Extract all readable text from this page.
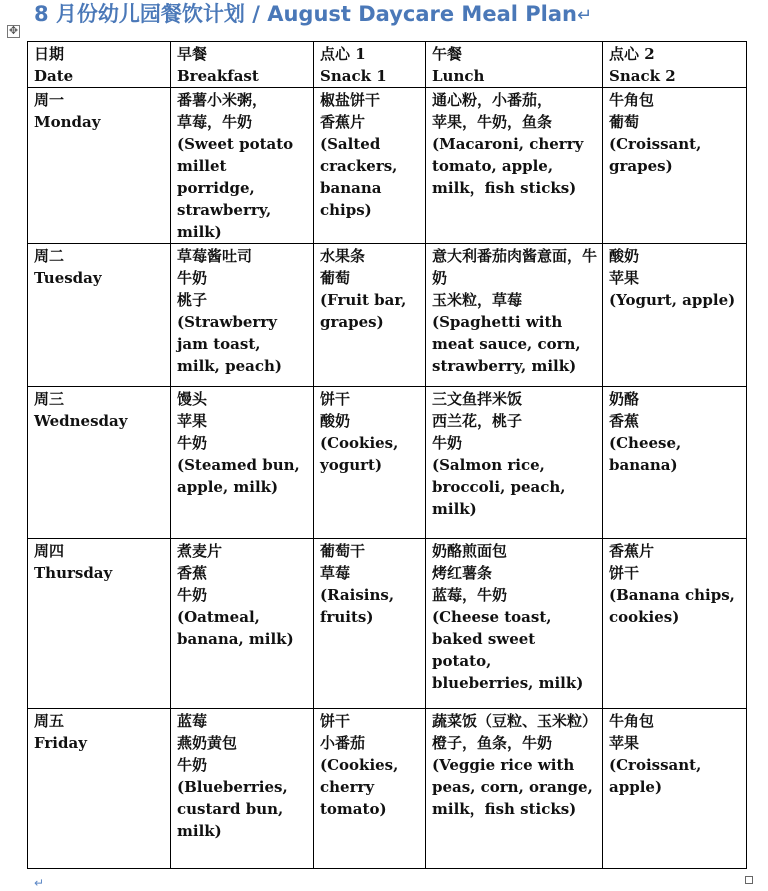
8 月份幼儿园餐饮计划 / August Daycare Meal Plan↵
✥
日期
Date	早餐
Breakfast	点心 1
Snack 1	午餐
Lunch	点心 2
Snack 2

周一
Monday	番薯小米粥，
草莓，牛奶
(Sweet potato millet porridge, strawberry, milk)	椒盐饼干
香蕉片
(Salted crackers, banana chips)	通心粉，小番茄，
苹果，牛奶，鱼条
(Macaroni, cherry tomato, apple, milk，fish sticks)	牛角包
葡萄
(Croissant, grapes)

周二
Tuesday	草莓酱吐司
牛奶
桃子
(Strawberry jam toast, milk, peach)	水果条
葡萄
(Fruit bar, grapes)	意大利番茄肉酱意面，牛奶
玉米粒，草莓
(Spaghetti with meat sauce, corn, strawberry, milk)	酸奶
苹果
(Yogurt, apple)

周三
Wednesday	馒头
苹果
牛奶
(Steamed bun, apple, milk)	饼干
酸奶
(Cookies, yogurt)	三文鱼拌米饭
西兰花，桃子
牛奶
(Salmon rice, broccoli, peach, milk)	奶酪
香蕉
(Cheese, banana)

周四
Thursday	煮麦片
香蕉
牛奶
(Oatmeal, banana, milk)	葡萄干
草莓
(Raisins, fruits)	奶酪煎面包
烤红薯条
蓝莓，牛奶
(Cheese toast, baked sweet potato, blueberries, milk)	香蕉片
饼干
(Banana chips, cookies)

周五
Friday	蓝莓
燕奶黄包
牛奶
(Blueberries, custard bun, milk)	饼干
小番茄
(Cookies, cherry tomato)	蔬菜饭（豆粒、玉米粒）橙子，鱼条，牛奶
(Veggie rice with peas, corn, orange, milk，fish sticks)	牛角包
苹果
(Croissant, apple)
↵
